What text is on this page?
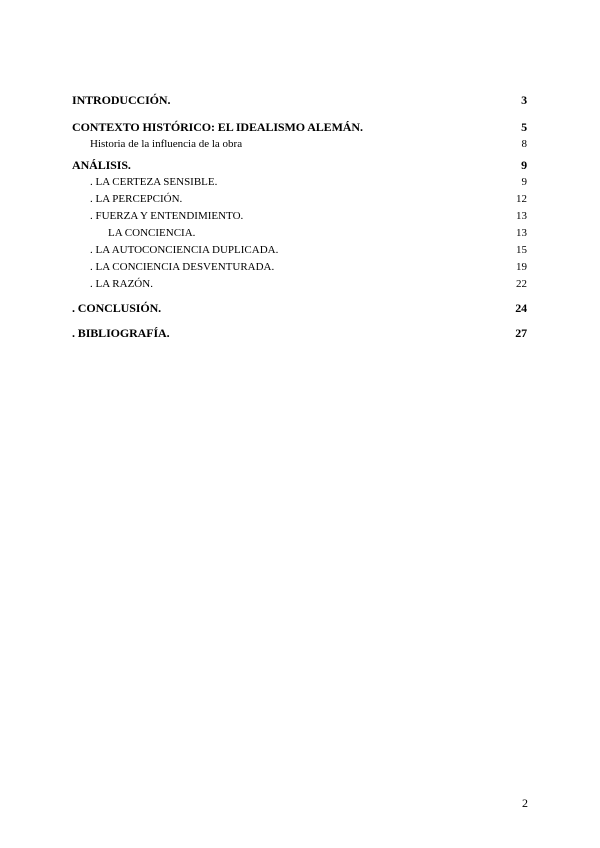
INTRODUCCIÓN.	3
CONTEXTO HISTÓRICO: EL IDEALISMO ALEMÁN.	5
Historia de la influencia de la obra	8
ANÁLISIS.	9
. LA CERTEZA SENSIBLE.	9
. LA PERCEPCIÓN.	12
. FUERZA Y ENTENDIMIENTO.	13
LA CONCIENCIA.	13
. LA AUTOCONCIENCIA DUPLICADA.	15
. LA CONCIENCIA DESVENTURADA.	19
. LA RAZÓN.	22
. CONCLUSIÓN.	24
. BIBLIOGRAFÍA.	27
2
